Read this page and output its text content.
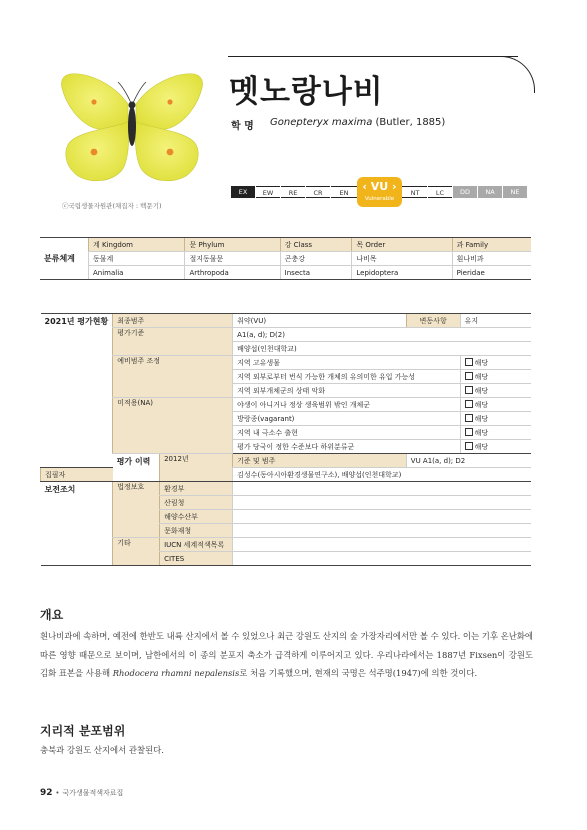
ⓒ국립생물자원관(채집자 : 백문기)
멧노랑나비
학 명 Gonepteryx maxima (Butler, 1885)
EX	EW	RE	CR	EN	NT	LC	DD	NA	NE
‹ VU ›
Vulnerable
분류체계	계 Kingdom	문 Phylum	강 Class	목 Order	과 Family
	동물계	절지동물문	곤충강	나비목	흰나비과
	Animalia	Arthropoda	Insecta	Lepidoptera	Pieridae
2021년 평가현황	최종범주		취약(VU)	변동사항	유지
	평가기준		A1(a, d); D(2)		
			배양섭(인천대학교)		
	예비범주 조정		지역 고유생물		해당
			지역 외부로부터 번식 가능한 개체의 유의미한 유입 가능성		해당
			지역 외부개체군의 상태 악화		해당
	미적용(NA)		야생이 아니거나 정상 생육범위 밖인 개체군		해당
			방랑종(vagarant)		해당
			지역 내 극소수 출현		해당
			평가 당국이 정한 수준보다 하위분류군		해당
	평가 이력	2012년	기준 및 범주	VU A1(a, d); D2	
집필자			김성수(동아시아환경생물연구소), 배양섭(인천대학교)		
보전조치	법정보호	환경부			
		산림청			
		해양수산부			
		문화재청			
	기타	IUCN 세계적색목록			
		CITES			
개요
흰나비과에 속하며, 예전에 한반도 내륙 산지에서 볼 수 있었으나 최근 강원도 산지의 숲 가장자리에서만 볼 수 있다. 이는 기후 온난화에 따른 영향 때문으로 보이며, 남한에서의 이 종의 분포지 축소가 급격하게 이루어지고 있다. 우리나라에서는 1887년 Fixsen이 강원도 김화 표본을 사용해 Rhodocera rhamni nepalensis로 처음 기록했으며, 현재의 국명은 석주명(1947)에 의한 것이다.
지리적 분포범위
충북과 강원도 산지에서 관찰된다.
92 • 국가생물적색자료집
